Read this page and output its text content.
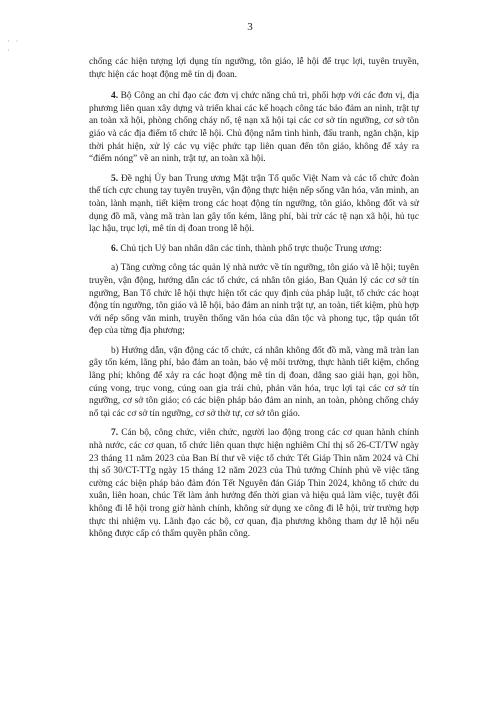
3
· · ·

chống các hiện tượng lợi dụng tín ngưỡng, tôn giáo, lễ hội để trục lợi, tuyên truyền, thực hiện các hoạt động mê tín dị đoan.

4. Bộ Công an chỉ đạo các đơn vị chức năng chủ trì, phối hợp với các đơn vị, địa phương liên quan xây dựng và triển khai các kế hoạch công tác bảo đảm an ninh, trật tự an toàn xã hội, phòng chống cháy nổ, tệ nạn xã hội tại các cơ sở tín ngưỡng, cơ sở tôn giáo và các địa điểm tổ chức lễ hội. Chủ động nắm tình hình, đấu tranh, ngăn chặn, kịp thời phát hiện, xử lý các vụ việc phức tạp liên quan đến tôn giáo, không để xảy ra “điểm nóng” về an ninh, trật tự, an toàn xã hội.

5. Đề nghị Ủy ban Trung ương Mặt trận Tổ quốc Việt Nam và các tổ chức đoàn thể tích cực chung tay tuyên truyền, vận động thực hiện nếp sống văn hóa, văn minh, an toàn, lành mạnh, tiết kiệm trong các hoạt động tín ngưỡng, tôn giáo, không đốt và sử dụng đồ mã, vàng mã tràn lan gây tốn kém, lãng phí, bài trừ các tệ nạn xã hội, hủ tục lạc hậu, trục lợi, mê tín dị đoan trong lễ hội.

6. Chủ tịch Uỷ ban nhân dân các tỉnh, thành phố trực thuộc Trung ương:

a) Tăng cường công tác quản lý nhà nước về tín ngưỡng, tôn giáo và lễ hội; tuyên truyền, vận động, hướng dẫn các tổ chức, cá nhân tôn giáo, Ban Quản lý các cơ sở tín ngưỡng, Ban Tổ chức lễ hội thực hiện tốt các quy định của pháp luật, tổ chức các hoạt động tín ngưỡng, tôn giáo và lễ hội, bảo đảm an ninh trật tự, an toàn, tiết kiệm, phù hợp với nếp sống văn minh, truyền thống văn hóa của dân tộc và phong tục, tập quán tốt đẹp của từng địa phương;

b) Hướng dẫn, vận động các tổ chức, cá nhân không đốt đồ mã, vàng mã tràn lan gây tốn kém, lãng phí, bảo đảm an toàn, bảo vệ môi trường, thực hành tiết kiệm, chống lãng phí; không để xảy ra các hoạt động mê tín dị đoan, dâng sao giải hạn, gọi hồn, cúng vong, trục vong, cúng oan gia trái chủ, phản văn hóa, trục lợi tại các cơ sở tín ngưỡng, cơ sở tôn giáo; có các biện pháp bảo đảm an ninh, an toàn, phòng chống cháy nổ tại các cơ sở tín ngưỡng, cơ sở thờ tự, cơ sở tôn giáo.

7. Cán bộ, công chức, viên chức, người lao động trong các cơ quan hành chính nhà nước, các cơ quan, tổ chức liên quan thực hiện nghiêm Chỉ thị số 26-CT/TW ngày 23 tháng 11 năm 2023 của Ban Bí thư về việc tổ chức Tết Giáp Thìn năm 2024 và Chỉ thị số 30/CT-TTg ngày 15 tháng 12 năm 2023 của Thủ tướng Chính phủ về việc tăng cường các biện pháp bảo đảm đón Tết Nguyên đán Giáp Thìn 2024, không tổ chức du xuân, liên hoan, chúc Tết làm ảnh hưởng đến thời gian và hiệu quả làm việc, tuyệt đối không đi lễ hội trong giờ hành chính, không sử dụng xe công đi lễ hội, trừ trường hợp thực thi nhiệm vụ. Lãnh đạo các bộ, cơ quan, địa phương không tham dự lễ hội nếu không được cấp có thẩm quyền phân công.
